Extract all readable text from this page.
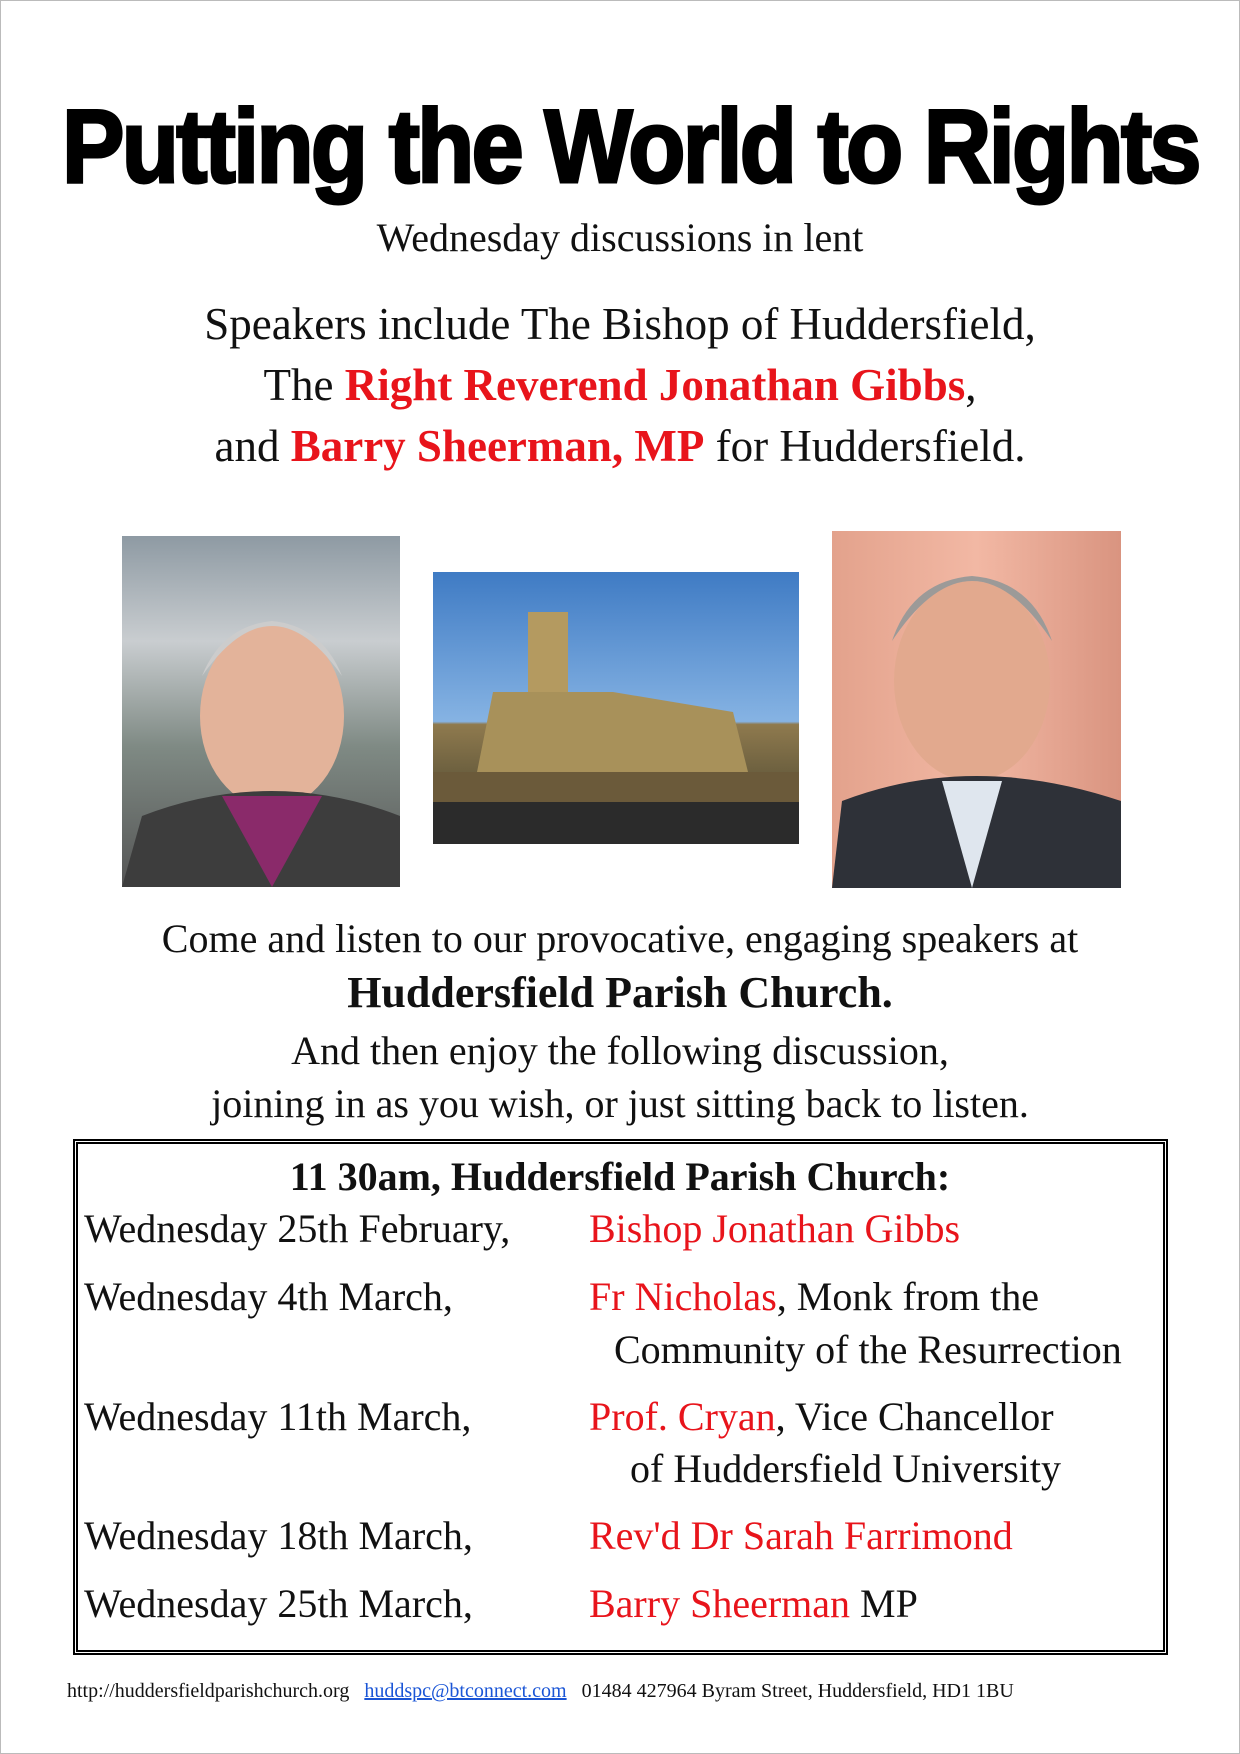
Putting the World to Rights
Wednesday discussions in lent
Speakers include The Bishop of Huddersfield,
The Right Reverend Jonathan Gibbs,
and Barry Sheerman, MP for Huddersfield.
Come and listen to our provocative, engaging speakers at
Huddersfield Parish Church.
And then enjoy the following discussion,
joining in as you wish, or just sitting back to listen.
11 30am, Huddersfield Parish Church:
Wednesday 25th February, Bishop Jonathan Gibbs
Wednesday 4th March,	Fr Nicholas, Monk from the
Community of the Resurrection
Wednesday 11th March,	Prof. Cryan, Vice Chancellor
of Huddersfield University
Wednesday 18th March,	Rev'd Dr Sarah Farrimond
Wednesday 25th March,	Barry Sheerman MP
http://huddersfieldparishchurch.org huddspc@btconnect.com 01484 427964 Byram Street, Huddersfield, HD1 1BU
